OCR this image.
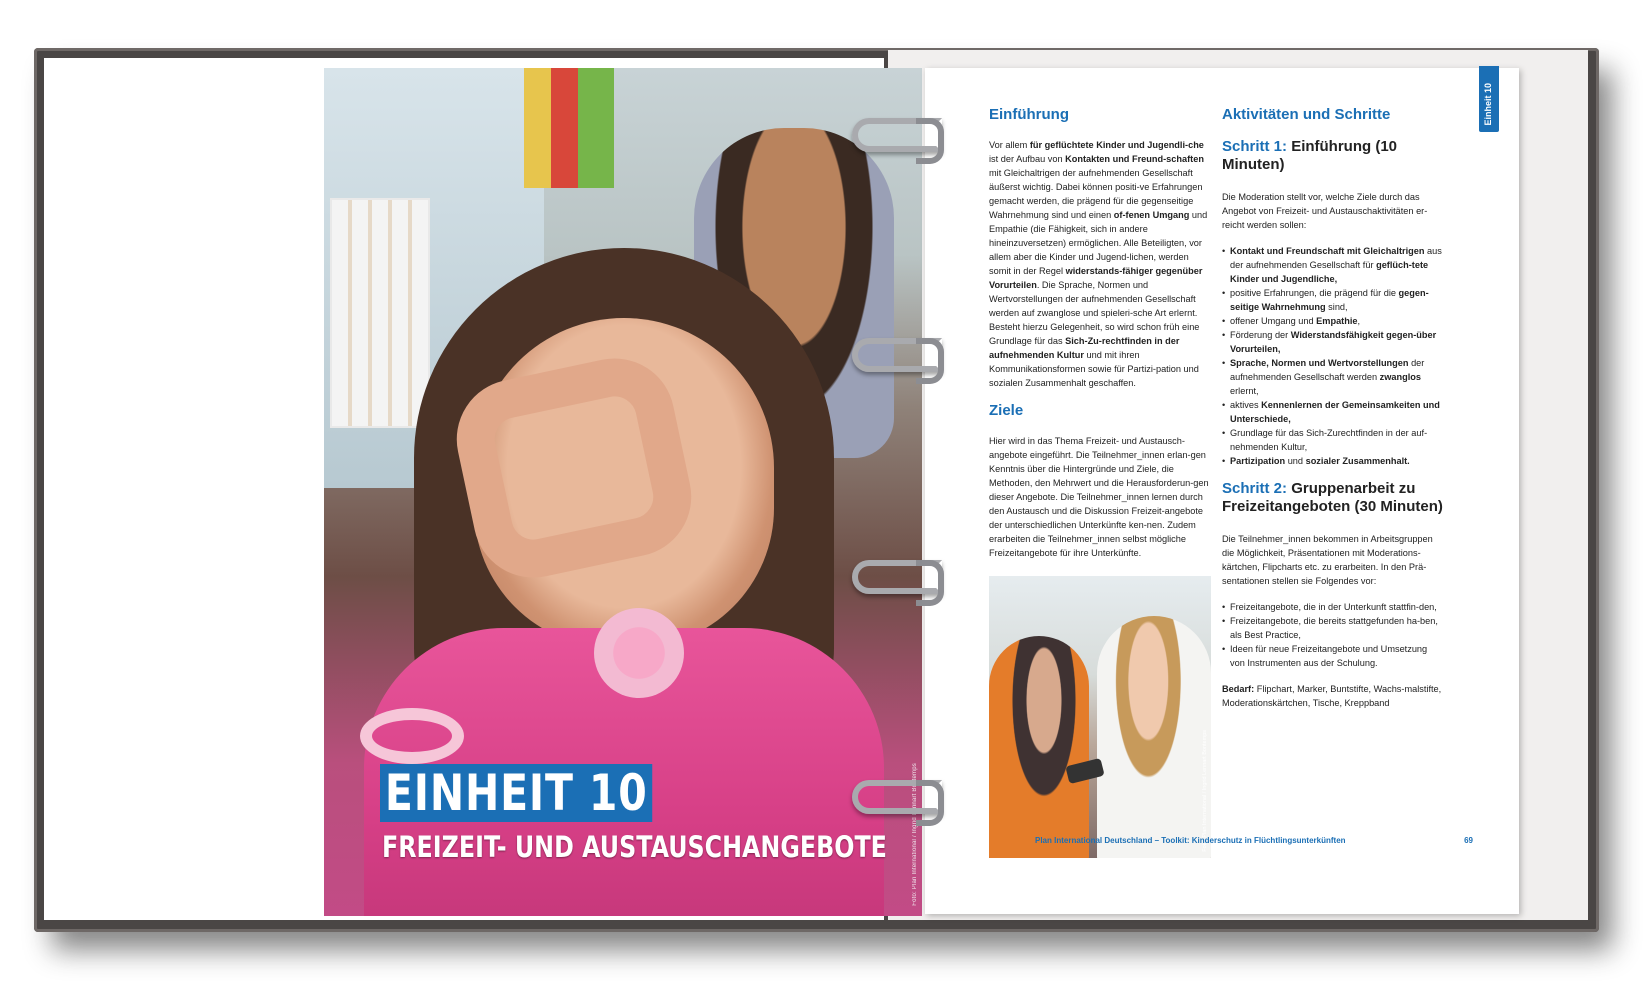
EINHEIT 10
FREIZEIT- UND AUSTAUSCHANGEBOTE	Foto: Plan International / Ingrid Lennart Bontemps
Einheit 10
Einführung
Vor allem für geflüchtete Kinder und Jugendli-che ist der Aufbau von Kontakten und Freund-schaften mit Gleichaltrigen der aufnehmenden Gesellschaft äußerst wichtig. Dabei können positi-ve Erfahrungen gemacht werden, die prägend für die gegenseitige Wahrnehmung sind und einen of-fenen Umgang und Empathie (die Fähigkeit, sich in andere hineinzuversetzen) ermöglichen. Alle Beteiligten, vor allem aber die Kinder und Jugend-lichen, werden somit in der Regel widerstands-fähiger gegenüber Vorurteilen. Die Sprache, Normen und Wertvorstellungen der aufnehmenden Gesellschaft werden auf zwanglose und spieleri-sche Art erlernt. Besteht hierzu Gelegenheit, so wird schon früh eine Grundlage für das Sich-Zu-rechtfinden in der aufnehmenden Kultur und mit ihren Kommunikationsformen sowie für Partizi-pation und sozialen Zusammenhalt geschaffen.
Ziele
Hier wird in das Thema Freizeit- und Austausch-angebote eingeführt. Die Teilnehmer_innen erlan-gen Kenntnis über die Hintergründe und Ziele, die Methoden, den Mehrwert und die Herausforderun-gen dieser Angebote. Die Teilnehmer_innen lernen durch den Austausch und die Diskussion Freizeit-angebote der unterschiedlichen Unterkünfte ken-nen. Zudem erarbeiten die Teilnehmer_innen selbst mögliche Freizeitangebote für ihre Unterkünfte.
Foto: Plan International / Ingrid Lennart Bontemps
Aktivitäten und Schritte
Schritt 1: Einführung (10 Minuten)
Die Moderation stellt vor, welche Ziele durch das Angebot von Freizeit- und Austauschaktivitäten er-reicht werden sollen:
• Kontakt und Freundschaft mit Gleichaltrigen aus der aufnehmenden Gesellschaft für geflüch-tete Kinder und Jugendliche,
• positive Erfahrungen, die prägend für die gegen-seitige Wahrnehmung sind,
• offener Umgang und Empathie,
• Förderung der Widerstandsfähigkeit gegen-über Vorurteilen,
• Sprache, Normen und Wertvorstellungen der aufnehmenden Gesellschaft werden zwanglos erlernt,
• aktives Kennenlernen der Gemeinsamkeiten und Unterschiede,
• Grundlage für das Sich-Zurechtfinden in der auf-nehmenden Kultur,
• Partizipation und sozialer Zusammenhalt.
Schritt 2: Gruppenarbeit zu Freizeitangeboten (30 Minuten)
Die Teilnehmer_innen bekommen in Arbeitsgruppen die Möglichkeit, Präsentationen mit Moderations-kärtchen, Flipcharts etc. zu erarbeiten. In den Prä-sentationen stellen sie Folgendes vor:
• Freizeitangebote, die in der Unterkunft stattfin-den,
• Freizeitangebote, die bereits stattgefunden ha-ben, als Best Practice,
• Ideen für neue Freizeitangebote und Umsetzung von Instrumenten aus der Schulung.
Bedarf: Flipchart, Marker, Buntstifte, Wachs-malstifte, Moderationskärtchen, Tische, Kreppband
Plan International Deutschland – Toolkit: Kinderschutz in Flüchtlingsunterkünften	69
